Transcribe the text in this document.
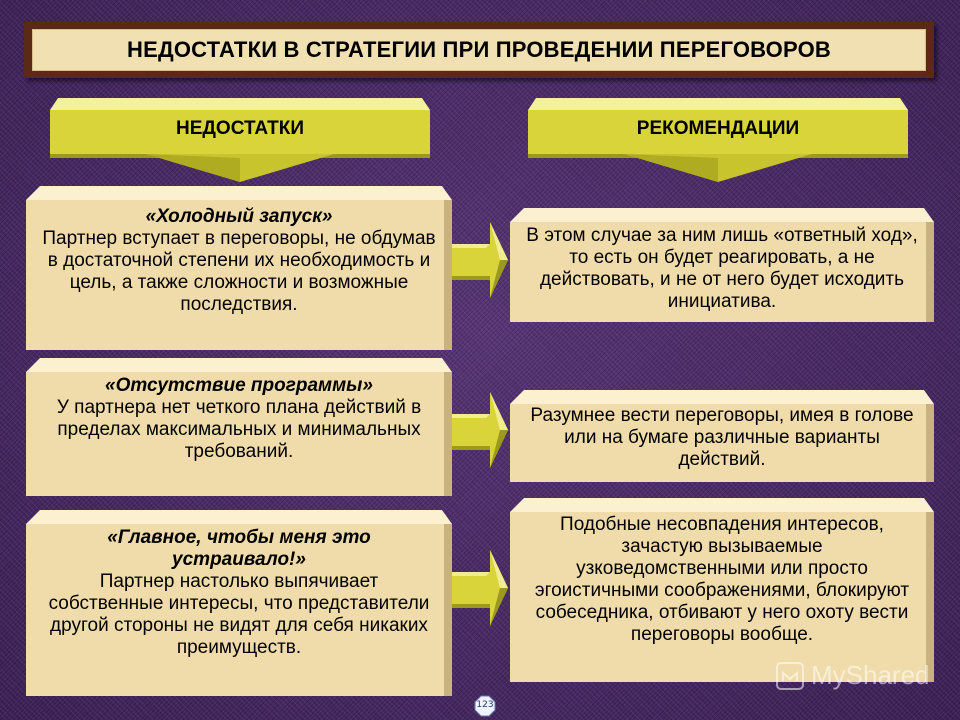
НЕДОСТАТКИ В СТРАТЕГИИ ПРИ ПРОВЕДЕНИИ ПЕРЕГОВОРОВ
НЕДОСТАТКИ	РЕКОМЕНДАЦИИ
«Холодный запуск»
Партнер вступает в переговоры, не обдумав в достаточной степени их необходимость и цель, а также сложности и возможные последствия.
В этом случае за ним лишь «ответный ход», то есть он будет реагировать, а не действовать, и не от него будет исходить инициатива.
«Отсутствие программы»
У партнера нет четкого плана действий в пределах максимальных и минимальных требований.
Разумнее вести переговоры, имея в голове или на бумаге различные варианты действий.
«Главное, чтобы меня это устраивало!»
Партнер настолько выпячивает собственные интересы, что представители другой стороны не видят для себя никаких преимуществ.
Подобные несовпадения интересов, зачастую вызываемые узковедомственными или просто эгоистичными соображениями, блокируют собеседника, отбивают у него охоту вести переговоры вообще.
MyShared
123
